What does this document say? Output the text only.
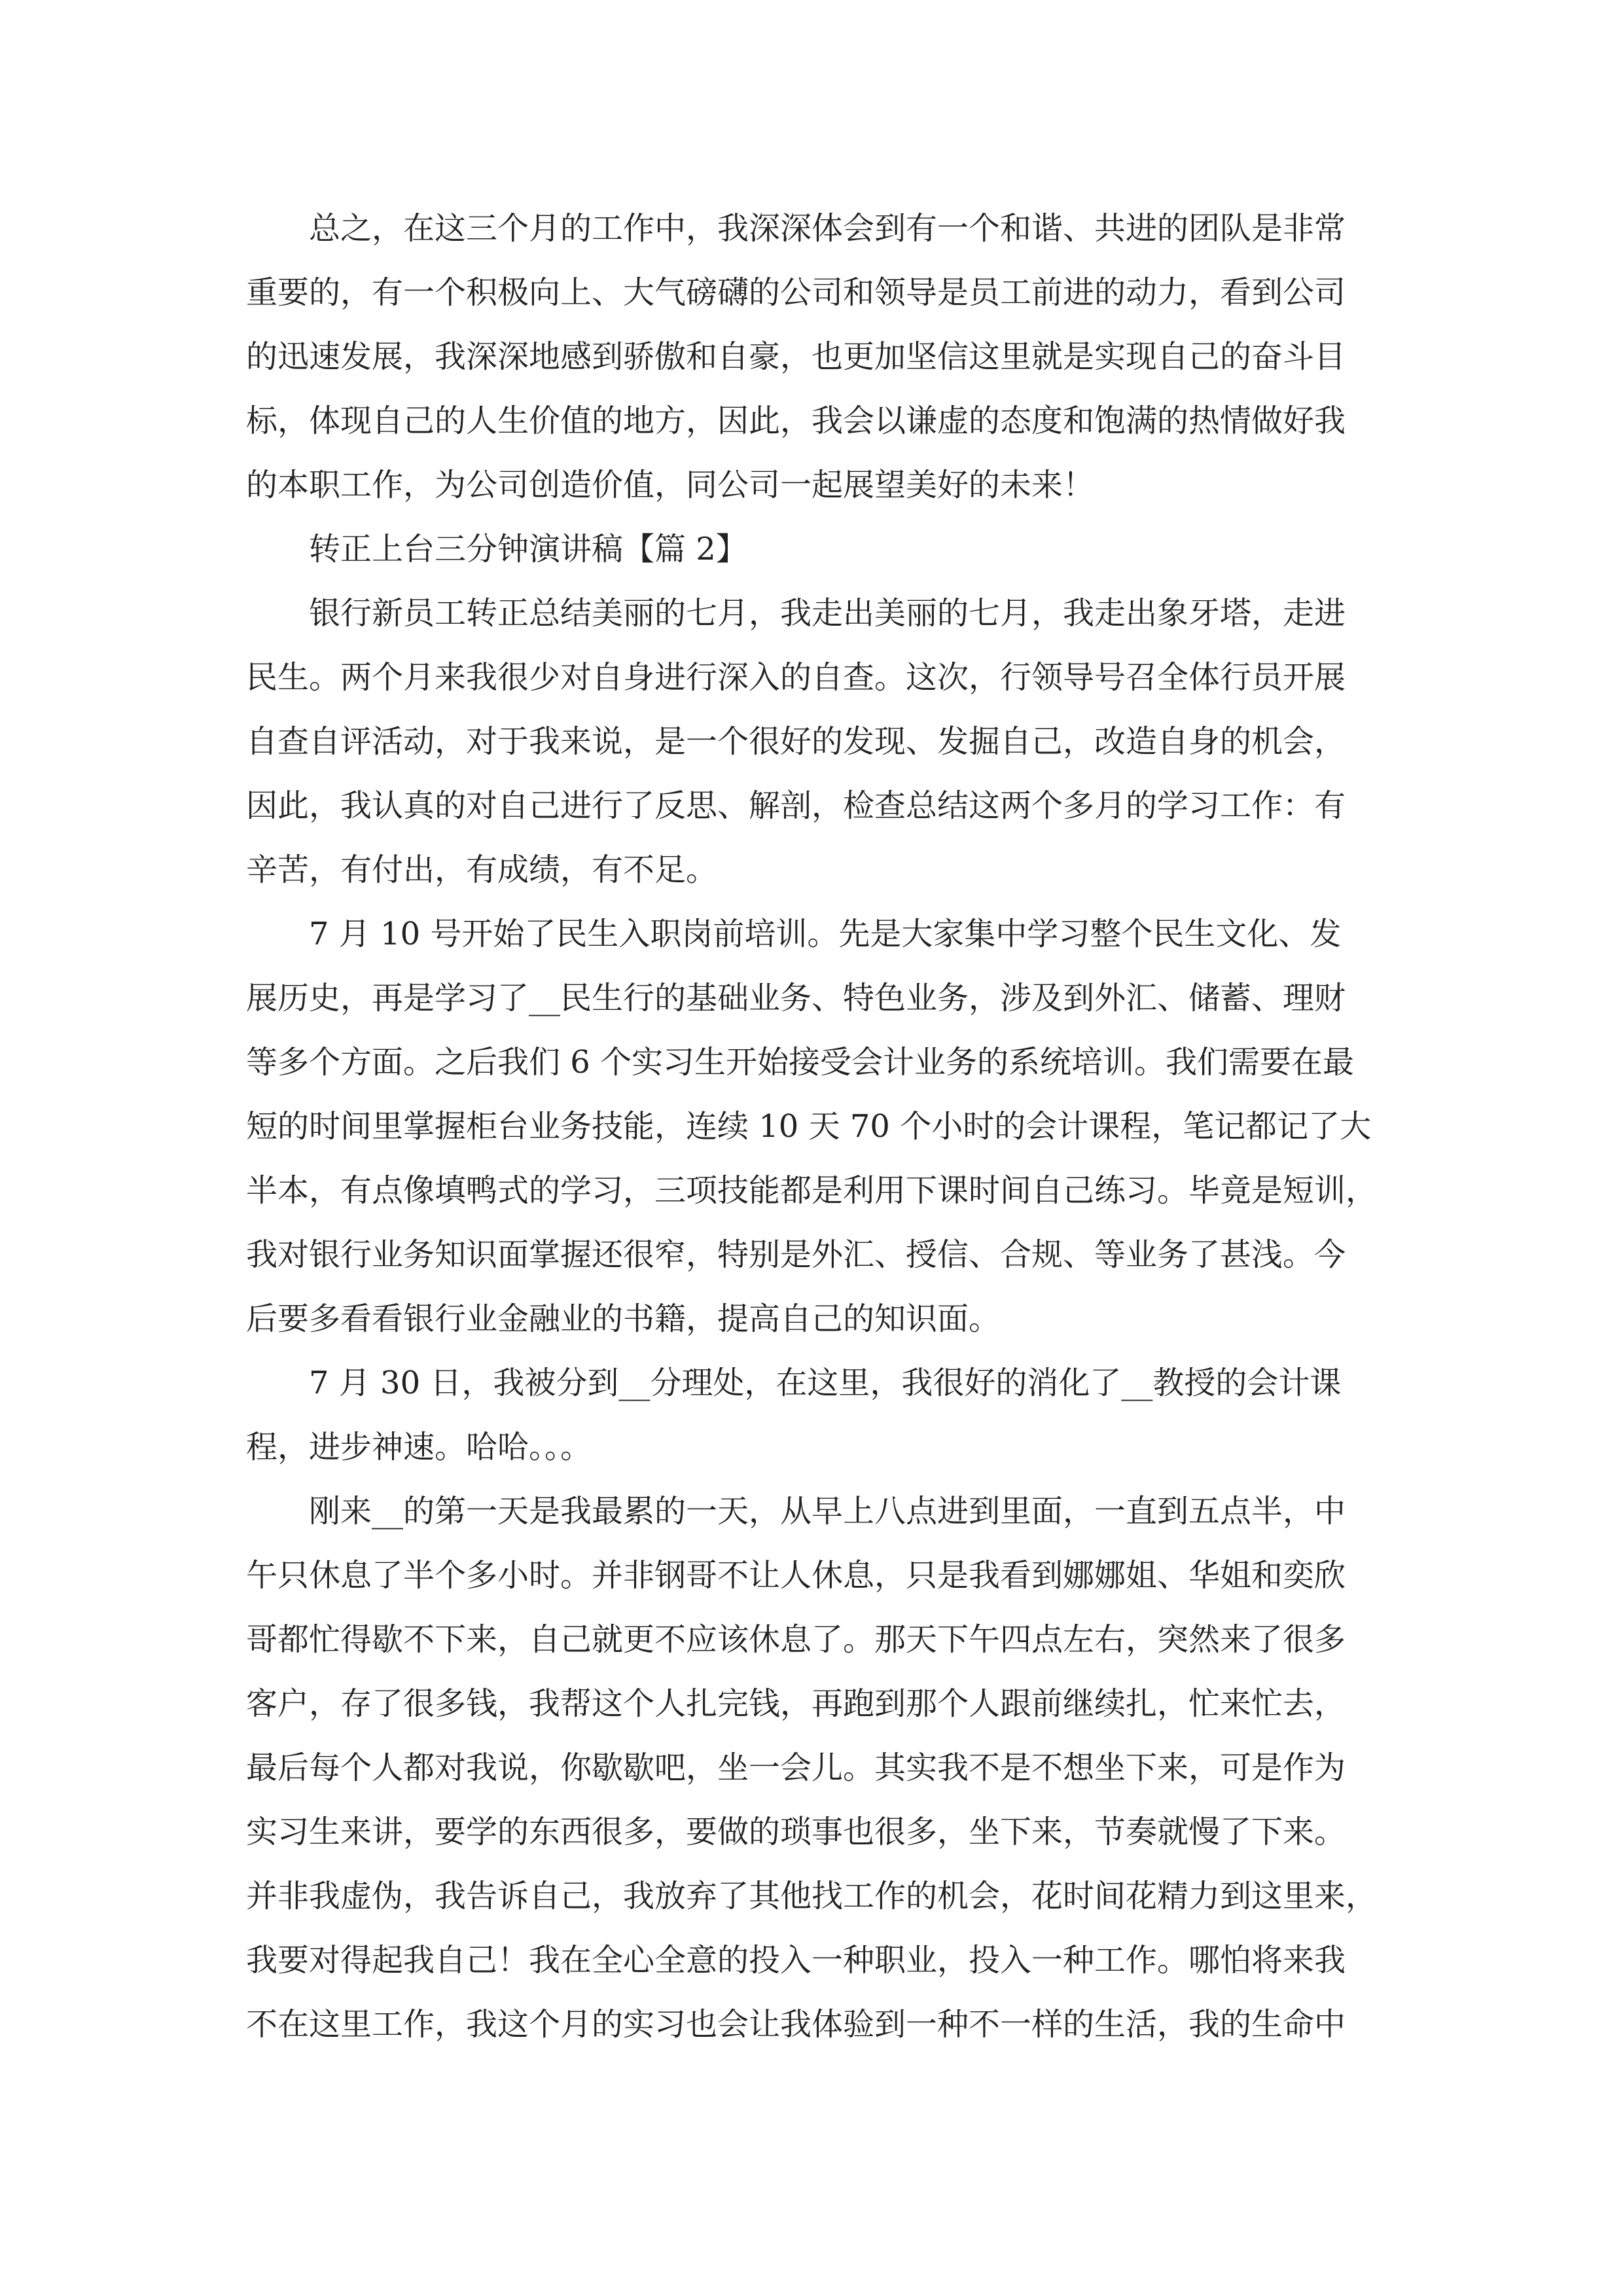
总之，在这三个月的工作中，我深深体会到有一个和谐、共进的团队是非常
重要的，有一个积极向上、大气磅礴的公司和领导是员工前进的动力，看到公司
的迅速发展，我深深地感到骄傲和自豪，也更加坚信这里就是实现自己的奋斗目
标，体现自己的人生价值的地方，因此，我会以谦虚的态度和饱满的热情做好我
的本职工作，为公司创造价值，同公司一起展望美好的未来！

转正上台三分钟演讲稿【篇 2】

银行新员工转正总结美丽的七月，我走出美丽的七月，我走出象牙塔，走进
民生。两个月来我很少对自身进行深入的自查。这次，行领导号召全体行员开展
自查自评活动，对于我来说，是一个很好的发现、发掘自己，改造自身的机会，
因此，我认真的对自己进行了反思、解剖，检查总结这两个多月的学习工作：有
辛苦，有付出，有成绩，有不足。

7 月 10 号开始了民生入职岗前培训。先是大家集中学习整个民生文化、发
展历史，再是学习了__民生行的基础业务、特色业务，涉及到外汇、储蓄、理财
等多个方面。之后我们 6 个实习生开始接受会计业务的系统培训。我们需要在最
短的时间里掌握柜台业务技能，连续 10 天 70 个小时的会计课程，笔记都记了大
半本，有点像填鸭式的学习，三项技能都是利用下课时间自己练习。毕竟是短训，
我对银行业务知识面掌握还很窄，特别是外汇、授信、合规、等业务了甚浅。今
后要多看看银行业金融业的书籍，提高自己的知识面。

7 月 30 日，我被分到__分理处，在这里，我很好的消化了__教授的会计课
程，进步神速。哈哈。。。

刚来__的第一天是我最累的一天，从早上八点进到里面，一直到五点半，中
午只休息了半个多小时。并非钢哥不让人休息，只是我看到娜娜姐、华姐和奕欣
哥都忙得歇不下来，自己就更不应该休息了。那天下午四点左右，突然来了很多
客户，存了很多钱，我帮这个人扎完钱，再跑到那个人跟前继续扎，忙来忙去，
最后每个人都对我说，你歇歇吧，坐一会儿。其实我不是不想坐下来，可是作为
实习生来讲，要学的东西很多，要做的琐事也很多，坐下来，节奏就慢了下来。
并非我虚伪，我告诉自己，我放弃了其他找工作的机会，花时间花精力到这里来，
我要对得起我自己！我在全心全意的投入一种职业，投入一种工作。哪怕将来我
不在这里工作，我这个月的实习也会让我体验到一种不一样的生活，我的生命中
